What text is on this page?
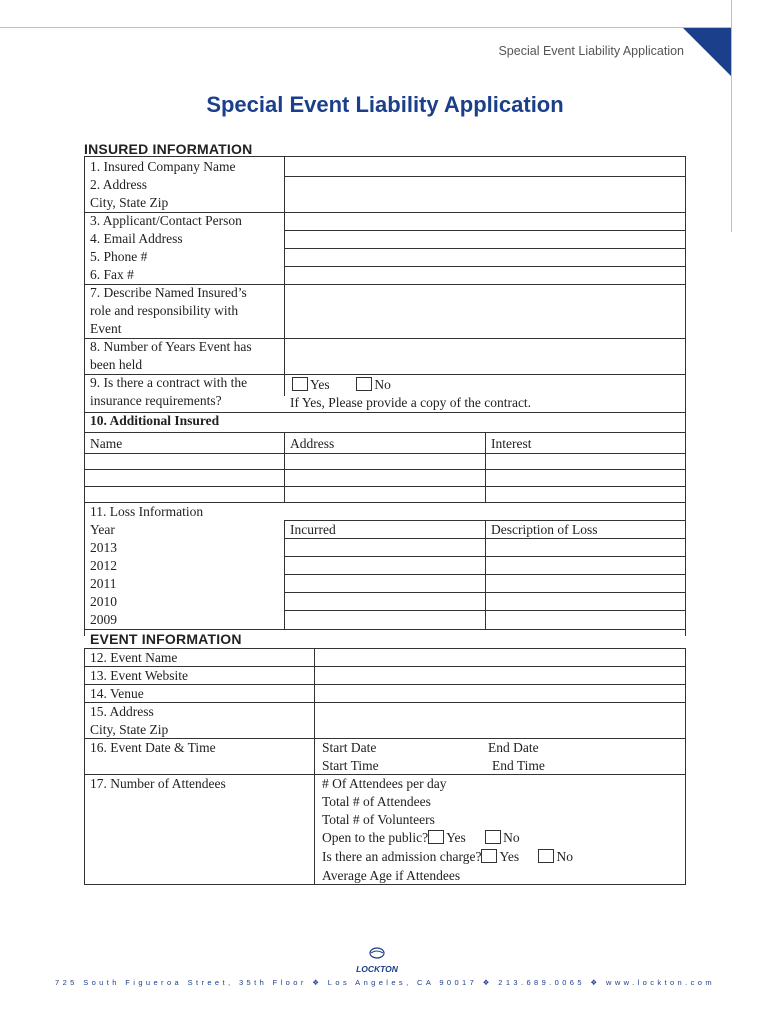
Special Event Liability Application
Special Event Liability Application
INSURED INFORMATION
1. Insured Company Name
2. Address
City, State Zip
3. Applicant/Contact Person
4. Email Address
5. Phone #
6. Fax #
7. Describe Named Insured’s
role and responsibility with
Event
8. Number of Years Event has
been held
9. Is there a contract with the
insurance requirements?
Yes	No
If Yes, Please provide a copy of the contract.
10. Additional Insured
Name	Address	Interest
11. Loss Information
Year	Incurred	Description of Loss
2013
2012
2011
2010
2009
EVENT INFORMATION
12. Event Name
13. Event Website
14. Venue
15. Address
City, State Zip
16. Event Date & Time	Start Date	End Date
Start Time	End Time
17. Number of Attendees	# Of Attendees per day
Total # of Attendees
Total # of Volunteers
Open to the public? Yes	No
Is there an admission charge? Yes	No
Average Age if Attendees
LOCKTON
725 South Figueroa Street, 35th Floor ❖ Los Angeles, CA 90017 ❖ 213.689.0065 ❖ www.lockton.com
